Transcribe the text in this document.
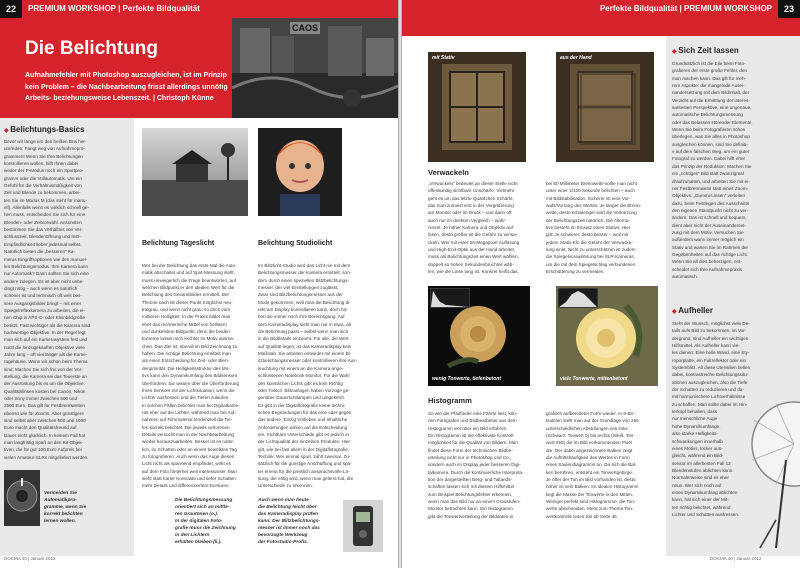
22	PREMIUM WORKSHOP | Perfekte Bildqualität
CAOS
Die Belichtung
Aufnahmefehler mit Photoshop auszugleichen, ist im Prinzip
kein Problem – die Nachbearbeitung frisst allerdings unnötig
Arbeits- beziehungsweise Lebenszeit. | Christoph Künne
◆ Belichtungs-Basics
Bevor wir lange um den heißen Brei her-
umreden: Fangt weg von Aufnahmepro-
grammen! Wenn Sie Ihre Belichtungen
kontrollieren wollen, hilft Ihnen dabei
weder der P-Modus noch ein Sportpro-
gramm oder die Vollautomatik. Um ein
Gefühl für die Verhältnismäßigkeit von
Zeit und Blende zu bekommen, arbei-
ten Sie im Modus M (das steht für manu-
ell). Allenfalls wenn es wirklich schnell ge-
hen muss, entscheiden Sie sich für eine
Blenden- oder Zeitvorwahl. Ansonsten
bestimmen Sie das Verhältnis von Ver-
schlusszeit, Blendenöffnung und ISO-
Empfindlichkeit lieber jedesmal selbst.
Natürlich bieten die „besseren“ Ka-
meras Eingriffsoptionen wie den manuel-
len Belichtungsmodus. Ihre Kamera kann
nur Automatik? Dann sollten Sie sich eine
andere zulegen. Es ist aber nicht unbe-
dingt nötig – auch wenn es natürlich
schöner ist und technisch oft weit bes-
sere Ausgangsbilder bringt – mit einer
Spiegelreflexkamera zu arbeiten, die ei-
nen Chip in APS-C- oder Kleinbildgröße
besitzt. Fast wichtiger als die Kamera sind
hochwertige Objektive. In der Regel legt
man sich auf ein Kamerasystem fest und
nutzt die hinzugekauften Objektive viele
Jahre lang – oft viel länger als die Kame-
ragehäuse. Wenn wir schon beim Thema
sind: Machen Sie sich frei von der Vor-
stellung, die Kamera sei das Teuerste an
der Ausrüstung bis es um die Objektive.
Qualitätslinsen kosten bei Canon, Nikon
oder Sony immer zwischen 500 und
2500 Euro. Das gilt für Festbrennweiten
ebenso wie für Zooms. Aber günstigere
sind selbst aber zwischen 500 und 1000
Euro macht den Qualitätsfreund auf
Dauer nicht glücklich. In keinem Fall hat
man langfristig Spaß an den Kit-Objek-
tiven, die für gut 100 Euro Aufpreis bei
vielen Amateur-SLRs mitgeliefert werden.
Vermeiden Sie
Automatikpro-
gramme, wenn Sie
korrekt belichten
lernen wollen.
Belichtung Tageslicht
Wer bei der Belichtung das erste Mal die Auto-
matik abschaltet und auf Spot-Messung stellt,
muss unweigerlich die Frage beantworten, auf
welchen Bildpunkt er den idealen Wert für die
Belichtung des Gesamtbildes ermittelt. Der
Theorie nach ist dieser Punkt möglichst neu-
tralgrau, und wenn nicht grau, so doch vom
mittleren Helligkeit. In der Praxis bildet man
eher das rechnerische Mittel von hellstem
und dunkelstem Bildpunkt, denn die beiden
Extreme lassen sich leichter im Motiv ausma-
chen. Das Ziel ist, überall im Bild Zeichnung zu
haben. Die richtige Belichtung ermittelt man
als einen Entscheidung für Zeit- oder Blen-
denpriorität. Die Helligkeitsstruktur des Mo-
tivs kann den Dynamikumfang des Bildsensors
überfordern. Sie wissen über die Überforderung
Ihres Sensors mit der Lichtsituation, wenn die
Lichter ausfressen und die Tiefen zulaufen.
In solchen Fällen belichtet man bei Digitalkame-
ras eher auf die Lichter, während man bei Auf-
nahmen auf Filmmaterial tendenziell die Tie-
fen korrekt belichtet. Die jeweils verlorenen
Details versucht man in der Nachbearbeitung
wieder herauszuarbeiten. Besser ist es natür-
lich, im Schatten oder an einem bewölkten Tag
zu fotografieren. Auch wenn das Auge dieses
Licht nicht als spannend empfindet, wirkt es
auf dem Foto hinterher weit interessanter. Man
sieht statt harter Kontraste und tiefer Schatten
mehr Details und differenziertere Konturen.
Die Belichtungsmessung
orientiert sich an mittle-
ren Grautönen (o.).
In der digitalen Foto-
grafie muss die Zeichnung
in den Lichtern
erhalten bleiben (li.).
Belichtung Studiolicht
Im Blitzlicht-Studio wird das Licht nie mit dem
Belichtungsmesser der Kamera ermittelt, son-
dern durch einen speziellen Blitzbelichtungs-
messer, der viel Einstellungen zuglässt.
Zwar sind Blitzbelichtungsmesser aus der
Mode gekommen, weil man die Belichtung di-
rekt am Display kontrollieren kann, doch ha-
ben sie immer noch ihre Berechtigung. Auf
dem Kameradisplay sieht man nur in etwa, ob
die Belichtung passt – selbst wenn man sich
in die Bilddetails einzoomt. Für alle, die Wert
auf Qualität legen, ist das Kameradisplay kein
Maßstab. Sie arbeiten entweder mit einem Bl-
itzbelichtungsmesser oder kontrollieren ihre Aus-
leuchtung mit einem an die Kamera ange-
schlossenen Notebook-Monitor. Für die Wahl
des künstlichen Lichts gibt es kein Richtig
oder Falsch. Blitzanlagen haben Vorzüge ge-
genüber Dauerlichtlampen und umgekehrt.
Es gibt in der Digitalfotografie keine techni-
schen Begründungen für das eine oder gegen
das andere. Einzig Vorlieben und inhaltliche
Anforderungen wirken auf die Entscheidung
ein. Sichtbare Unterschiede gibt es jedoch in
der Lichtqualität der einzelnen Produkte. Hier
gilt, wie bei fast allem in der Digitalfotografie:
Technik: Wer einmal spart, zahlt zweimal. Zu-
sätzlich für die günstige Anschaffung und spä-
ter erneut für die preislich anspruchsvolle Lö-
sung, die nötig wird, wenn man gelernt hat, die
Unterschiede zu erkennen.
Auch wenn man heute
die Belichtung leicht über
das Kameradisplay prüfen
kann: Der Blitzbelichtungs-
messer ist immer noch das
bevorzugte Werkzeug
der Fotostudio-Profis.
DOCMA 40 | Januar 2012
Perfekte Bildqualität | PREMIUM WORKSHOP	23
mit Stativ	aus der Hand
Verwackeln
„Verwackeln“ bedeutet an dieser Stelle nicht
offenkundig sichtbare Unschärfe. Vielmehr
geht es um das letzte Quäntchen Schärfe,
das man zumeist erst in der Vergrößerung
am Monitor oder im Druck – und dann oft
auch nur im direkten Vergleich – wahr-
nimmt. Je höher Kamera und Objektiv auf-
lösen, desto größer ist die Gefahr zu verwa-
ckeln. Wer mit einer 20-Megapixel-Auflösung
und High-End-Optik aus der Hand arbeitet,
muss als Belichtungszeit einen Wert wählen,
doppelt so hohen Sekundenbruchteil wäh-
len, wie die Linse lang ist. Konkret heißt das,
bei 50 Millimeter Brennweite sollte man nicht
unter einer 1/100 Sekunde belichten – auch
mit Bildstabilisation. Sicherer ist eine Vor-
wahl/Vorrang des Wertes. Je länger die Brenn-
weite, desto schwieriger wird die Verkürzung
der Belichtungszeit natürlich. Die Alterna-
tive besteht im Einsatz eines Stativs. Hier
gilt: Je schwerer, desto besser – weil mit
jedem Stativ-Klo die Gefahr der Verwacke-
lung sinkt. Nicht zu unterschätzen ist zudem
die Spiegelvorauslösung bei SLR-Kameras,
um die mit dem Spiegelschlag verbundenen
Erschütterung zu vermeiden.
wenig Tonwerte, tiefenbetont	viele Tonwerte, mittenbetont
Histogramm
So wie der Pfadfinder eine Fährte liest, kön-
nen Fotografen und Bildbearbeiter aus dem
Histogramm viel über ein Bild erfahren.
Ein Histogramm ist die effektivste Kontroll-
möglichkeit für die Qualität von Bildern. Man
findet diese Form der technischen Bildbe-
urteilung nicht nur in Photoshop und Co.,
sondern auch im Display jeder besseren Digi-
talkamera. Durch die kontinuierliche Interpreta-
tion der dargestellten Berg- und Tallands-
schaften lassen sich mit diesem Hilfsmittel
zum Beispiel Belichtungsfehler erkennen,
wenn man das Bild nur an einem Graustufen-
Monitor betrachten kann. Ein Histogramm
gibt die Tonwertverteilung der Bilddaten in
grafisch aufbereiteter Form wieder. In 8-Bit-
Dateien stellt man auf der Grundlage von 256
unterschiedlichen Abstufungen von links
(Schwarz: Tonwert 0) bis rechts (Weiß: Ton-
wert 255) die im Bild vorkommenden Pixel
dar. Der dabei angezeichnete Balken zeigt
die Auftrittshäufigkeit des Wertes in Form
eines Säulendiagramms an. Da sich die Bal-
ken berühren, entsteht ein Tonwertgebirge.
Je öfter der Ton im Bild vorhanden ist, desto
höher ist sein Balken. Im idealen Histogramm
liegt die Masse der Tonwerte in den Mitten.
Weniger perfekt sind Histogramme, die Ton-
werte abschneiden. Mehr zum Thema Ton-
wertkontrolle lesen Sie ab Seite 46.
◆ Sich Zeit lassen
Grundsätzlich ist die Eile beim Foto-
grafieren der erste große Fehler, den
man machen kann. Das gilt für meh-
rere Aspekte: die mangelnde Ausei-
nandersetzung mit dem Bildinhalt, der
Verzicht auf die Ermittlung der interes-
santesten Perspektive, eine ungenaue,
automatische Belichtungsmessung
oder das Belassen störender Elemente.
Wenn Sie beim Fotografieren schon
überlegen, was Sie alles in Photoshop
ausgleichen können, sind Sie definiti-
v auf dem falschen Weg, um ein guter
Fotograf zu werden. Dabei hilft eher
das Prinzip der Reduktion: Machen Sie
ein „richtiges“ Bild statt zwanzigmal
draufzuhalten, und arbeiten Sie mit ei-
ner Festbrennweite statt eines Zoom-
Objektivs. „Gummi-Linsen“ verleiten
dazu, beim Festlegen des Ausschnitts
den eigenen Standpunkt nicht zu ver-
ändern. Das ist schnell und bequem,
dient aber nicht der Auseinanderset-
zung mit dem Motiv. Versuchen Sie
außerdem wann immer möglich ein
Stativ und warten Sie im Rahmen der
Gegebenheiten auf das richtige Licht.
Wenn Sie all dies beherzigen, ent-
scheidet sich Ihre Aufnahmepraxis
automatisch.
◆ Aufheller
Steht der Wunsch, möglichst viele De-
tails aufs Bild zu bekommen, im Vor-
dergrund, sind Aufheller ein wichtiges
Hilfsmittel. Als Aufheller kann vie-
les dienen: Eine helle Wand, eine Sty-
roporplatte, ein Faltreflektor oder ein
Systemblitz. All diese Utensilien hellen
dabei, kontrastreiche Belichtungssitu-
ationen auszugleichen, also die Tiefe
der Schatten zu reduzieren und da-
mit harmonischere Lichtverhältnisse
zu schaffen. Man sollte dabei im Hin-
terkopf behalten, dass
nur menschliche Auge
hohe Dynamikumfänge,
also starke Helligkeits-
schwankungen innerhalb
eines Motivs, locker aus-
gleicht, während ein Bild-
sensor im allerbesten Fall 12
Blendenstufen ablichten kann.
Normalerweise sind es eher
neun. Wer sich noch auf
einen Dynamikumfang ablichten
kann, hat sich einer der Mit-
ten richtig belichtet, während
Lichter und Schatten ausfressen.
DOCMA 40 | Januar 2012
